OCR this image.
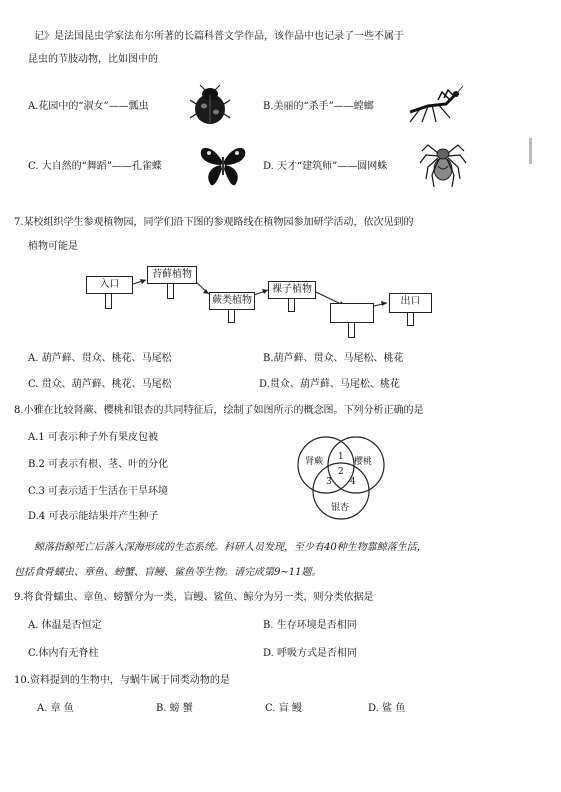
记》是法国昆虫学家法布尔所著的长篇科普文学作品，该作品中也记录了一些不属于
昆虫的节肢动物，比如图中的
A.花园中的“淑女”——瓢虫	B.美丽的“杀手”——螳螂
C. 大自然的“舞蹈”——孔雀蝶	D. 天才“建筑师”——圆网蛛
7.某校组织学生参观植物园，同学们沿下图的参观路线在植物园参加研学活动，依次见到的
植物可能是
入口
苔藓植物
蕨类植物
裸子植物
出口
A. 葫芦藓、贯众、桃花、马尾松	B.葫芦藓、贯众、马尾松、桃花
C. 贯众、葫芦藓、桃花、马尾松	D.贯众、葫芦藓、马尾松、桃花
8.小雅在比较肾蕨、樱桃和银杏的共同特征后，绘制了如图所示的概念图。下列分析正确的是
A.1 可表示种子外有果皮包被
B.2 可表示有根、茎、叶的分化
C.3 可表示适于生活在干旱环境
D.4 可表示能结果并产生种子
肾蕨	樱桃
银杏
1
2
3 4
鲸落指鲸死亡后落入深海形成的生态系统。科研人员发现，至少有40种生物靠鲸落生活，
包括食骨蠕虫、章鱼、螃蟹、盲鳗、鲨鱼等生物。请完成第9~11题。
9.将食骨蠕虫、章鱼、螃蟹分为一类，盲鳗、鲨鱼、鲸分为另一类，则分类依据是
A. 体温是否恒定	B. 生存环境是否相同
C.体内有无脊柱	D. 呼吸方式是否相同
10.资料提到的生物中，与蜗牛属于同类动物的是
A. 章 鱼	B. 螃 蟹	C. 盲 鳗	D. 鲨 鱼
